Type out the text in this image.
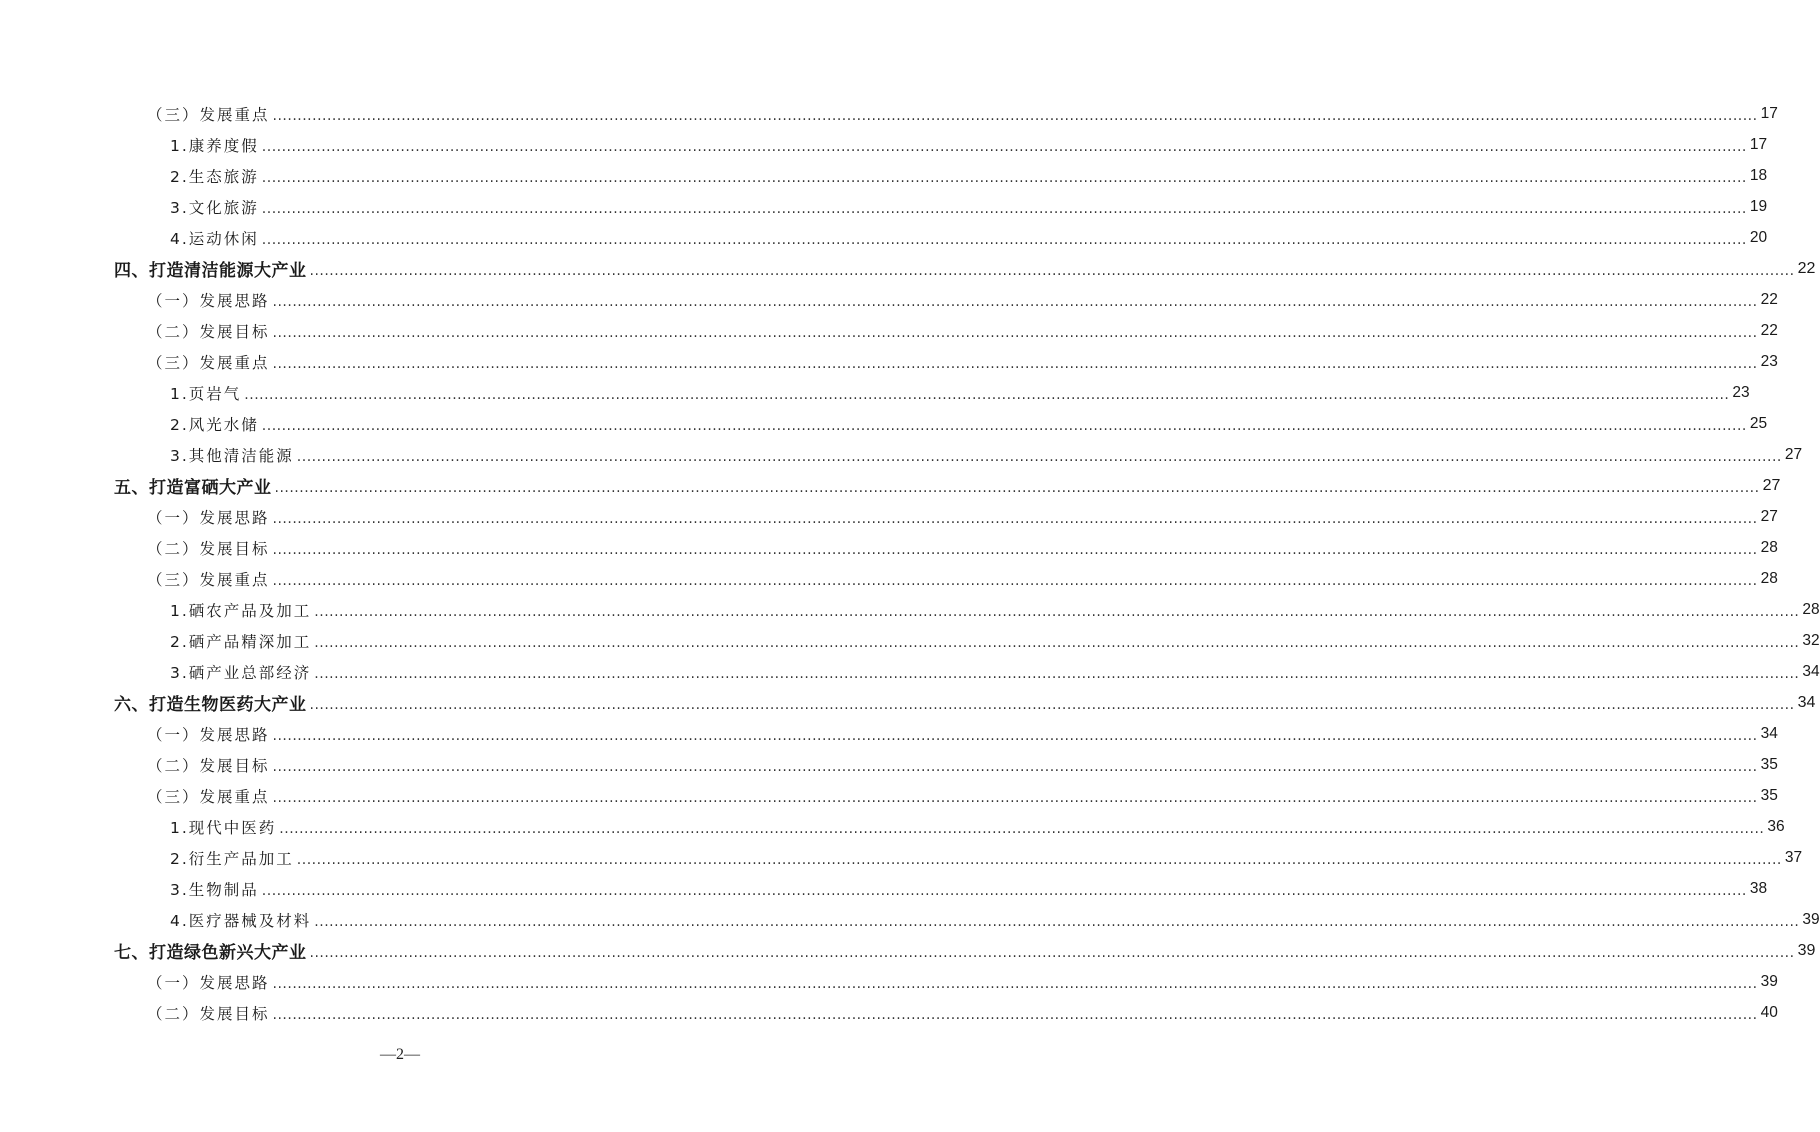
（三）发展重点 ............................................................................................................................................................................................................................................................................................................ 17
1.康养度假 ............................................................................................................................................................................................................................................................................................................ 17
2.生态旅游 ............................................................................................................................................................................................................................................................................................................ 18
3.文化旅游 ............................................................................................................................................................................................................................................................................................................ 19
4.运动休闲 ............................................................................................................................................................................................................................................................................................................ 20
四、打造清洁能源大产业 ............................................................................................................................................................................................................................................................................................................ 22
（一）发展思路 ............................................................................................................................................................................................................................................................................................................ 22
（二）发展目标 ............................................................................................................................................................................................................................................................................................................ 22
（三）发展重点 ............................................................................................................................................................................................................................................................................................................ 23
1.页岩气 ............................................................................................................................................................................................................................................................................................................ 23
2.风光水储 ............................................................................................................................................................................................................................................................................................................ 25
3.其他清洁能源 ............................................................................................................................................................................................................................................................................................................ 27
五、打造富硒大产业 ............................................................................................................................................................................................................................................................................................................ 27
（一）发展思路 ............................................................................................................................................................................................................................................................................................................ 27
（二）发展目标 ............................................................................................................................................................................................................................................................................................................ 28
（三）发展重点 ............................................................................................................................................................................................................................................................................................................ 28
1.硒农产品及加工 ............................................................................................................................................................................................................................................................................................................ 28
2.硒产品精深加工 ............................................................................................................................................................................................................................................................................................................ 32
3.硒产业总部经济 ............................................................................................................................................................................................................................................................................................................ 34
六、打造生物医药大产业 ............................................................................................................................................................................................................................................................................................................ 34
（一）发展思路 ............................................................................................................................................................................................................................................................................................................ 34
（二）发展目标 ............................................................................................................................................................................................................................................................................................................ 35
（三）发展重点 ............................................................................................................................................................................................................................................................................................................ 35
1.现代中医药 ............................................................................................................................................................................................................................................................................................................ 36
2.衍生产品加工 ............................................................................................................................................................................................................................................................................................................ 37
3.生物制品 ............................................................................................................................................................................................................................................................................................................ 38
4.医疗器械及材料 ............................................................................................................................................................................................................................................................................................................ 39
七、打造绿色新兴大产业 ............................................................................................................................................................................................................................................................................................................ 39
（一）发展思路 ............................................................................................................................................................................................................................................................................................................ 39
（二）发展目标 ............................................................................................................................................................................................................................................................................................................ 40
—2—
